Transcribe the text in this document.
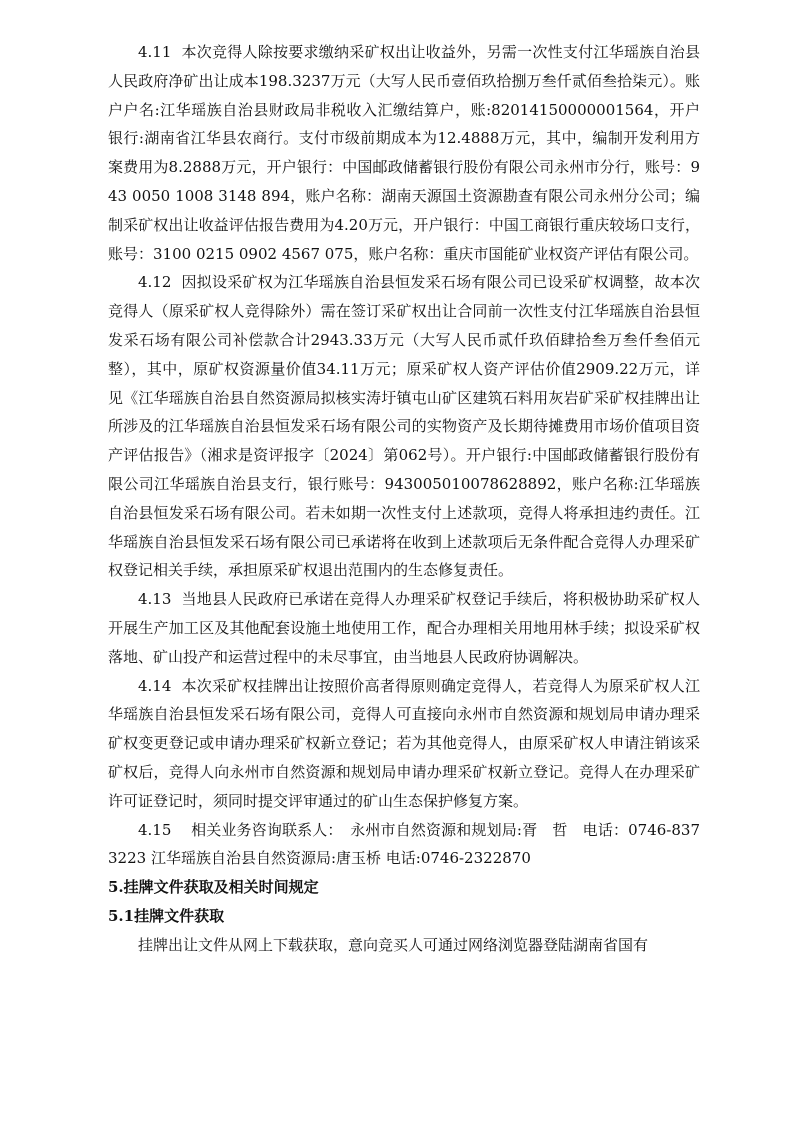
4.11 本次竞得人除按要求缴纳采矿权出让收益外，另需一次性支付江华瑶族自治县人民政府净矿出让成本198.3237万元（大写人民币壹佰玖拾捌万叁仟贰佰叁拾柒元）。账户户名:江华瑶族自治县财政局非税收入汇缴结算户，账:82014150000001564，开户银行:湖南省江华县农商行。支付市级前期成本为12.4888万元，其中，编制开发利用方案费用为8.2888万元，开户银行：中国邮政储蓄银行股份有限公司永州市分行，账号：943 0050 1008 3148 894，账户名称：湖南天源国土资源勘查有限公司永州分公司；编制采矿权出让收益评估报告费用为4.20万元，开户银行：中国工商银行重庆较场口支行，账号：3100 0215 0902 4567 075，账户名称：重庆市国能矿业权资产评估有限公司。

4.12 因拟设采矿权为江华瑶族自治县恒发采石场有限公司已设采矿权调整，故本次竞得人（原采矿权人竞得除外）需在签订采矿权出让合同前一次性支付江华瑶族自治县恒发采石场有限公司补偿款合计2943.33万元（大写人民币贰仟玖佰肆拾叁万叁仟叁佰元整），其中，原矿权资源量价值34.11万元；原采矿权人资产评估价值2909.22万元，详见《江华瑶族自治县自然资源局拟核实涛圩镇屯山矿区建筑石料用灰岩矿采矿权挂牌出让所涉及的江华瑶族自治县恒发采石场有限公司的实物资产及长期待摊费用市场价值项目资产评估报告》（湘求是资评报字〔2024〕第062号）。开户银行:中国邮政储蓄银行股份有限公司江华瑶族自治县支行，银行账号：943005010078628892，账户名称:江华瑶族自治县恒发采石场有限公司。若未如期一次性支付上述款项，竞得人将承担违约责任。江华瑶族自治县恒发采石场有限公司已承诺将在收到上述款项后无条件配合竞得人办理采矿权登记相关手续，承担原采矿权退出范围内的生态修复责任。

4.13 当地县人民政府已承诺在竞得人办理采矿权登记手续后，将积极协助采矿权人开展生产加工区及其他配套设施土地使用工作，配合办理相关用地用林手续；拟设采矿权落地、矿山投产和运营过程中的未尽事宜，由当地县人民政府协调解决。

4.14 本次采矿权挂牌出让按照价高者得原则确定竞得人，若竞得人为原采矿权人江华瑶族自治县恒发采石场有限公司，竞得人可直接向永州市自然资源和规划局申请办理采矿权变更登记或申请办理采矿权新立登记；若为其他竞得人，由原采矿权人申请注销该采矿权后，竞得人向永州市自然资源和规划局申请办理采矿权新立登记。竞得人在办理采矿许可证登记时，须同时提交评审通过的矿山生态保护修复方案。

4.15 相关业务咨询联系人：　永州市自然资源和规划局:胥　哲　电话：0746-8373223 江华瑶族自治县自然资源局:唐玉桥 电话:0746-2322870

5.挂牌文件获取及相关时间规定

5.1挂牌文件获取

挂牌出让文件从网上下载获取，意向竞买人可通过网络浏览器登陆湖南省国有
